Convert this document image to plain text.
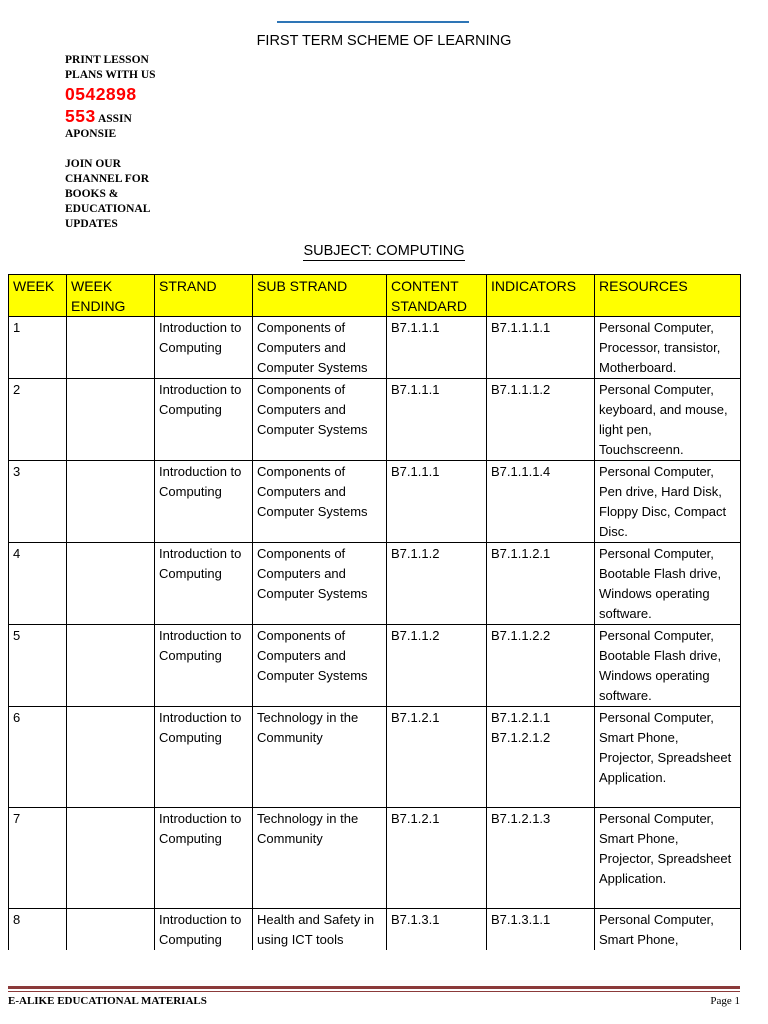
FIRST TERM SCHEME OF LEARNING
PRINT LESSON PLANS WITH US
0542898 553 ASSIN APONSIE
JOIN OUR CHANNEL FOR BOOKS & EDUCATIONAL UPDATES
SUBJECT: COMPUTING
WEEK	WEEK ENDING	STRAND	SUB STRAND	CONTENT STANDARD	INDICATORS	RESOURCES
1		Introduction to Computing	Components of Computers and Computer Systems	B7.1.1.1	B7.1.1.1.1	Personal Computer, Processor, transistor, Motherboard.
2		Introduction to Computing	Components of Computers and Computer Systems	B7.1.1.1	B7.1.1.1.2	Personal Computer, keyboard, and mouse, light pen, Touchscreenn.
3		Introduction to Computing	Components of Computers and Computer Systems	B7.1.1.1	B7.1.1.1.4	Personal Computer, Pen drive, Hard Disk, Floppy Disc, Compact Disc.
4		Introduction to Computing	Components of Computers and Computer Systems	B7.1.1.2	B7.1.1.2.1	Personal Computer, Bootable Flash drive, Windows operating software.
5		Introduction to Computing	Components of Computers and Computer Systems	B7.1.1.2	B7.1.1.2.2	Personal Computer, Bootable Flash drive, Windows operating software.
6		Introduction to Computing	Technology in the Community	B7.1.2.1	B7.1.2.1.1 B7.1.2.1.2	Personal Computer, Smart Phone, Projector, Spreadsheet Application.
7		Introduction to Computing	Technology in the Community	B7.1.2.1	B7.1.2.1.3	Personal Computer, Smart Phone, Projector, Spreadsheet Application.
8		Introduction to Computing	Health and Safety in using ICT tools	B7.1.3.1	B7.1.3.1.1	Personal Computer, Smart Phone,
E-ALIKE EDUCATIONAL MATERIALS	Page 1
